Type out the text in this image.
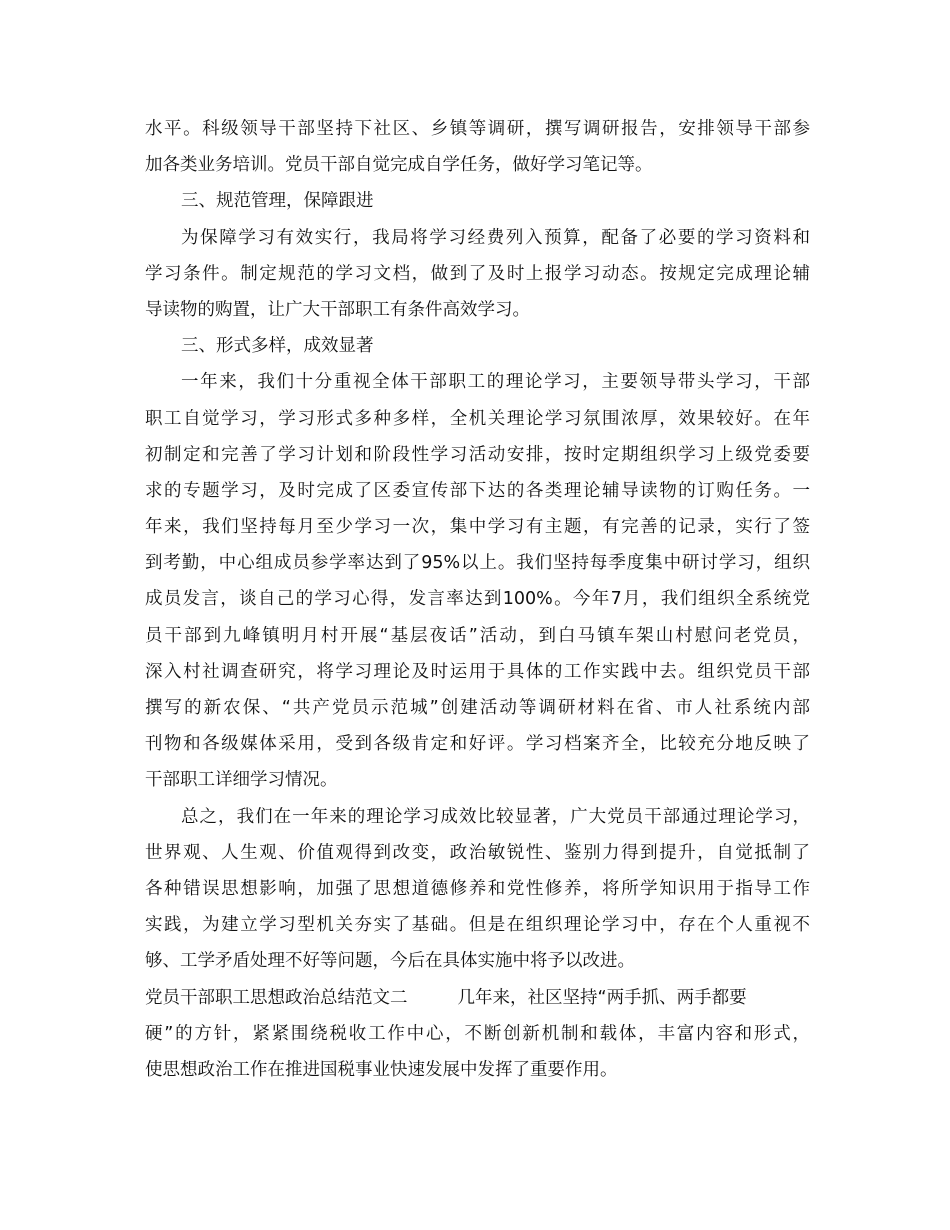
水平。科级领导干部坚持下社区、乡镇等调研，撰写调研报告，安排领导干部参
加各类业务培训。党员干部自觉完成自学任务，做好学习笔记等。
三、规范管理，保障跟进
为保障学习有效实行，我局将学习经费列入预算，配备了必要的学习资料和
学习条件。制定规范的学习文档，做到了及时上报学习动态。按规定完成理论辅
导读物的购置，让广大干部职工有条件高效学习。
三、形式多样，成效显著
一年来，我们十分重视全体干部职工的理论学习，主要领导带头学习，干部
职工自觉学习，学习形式多种多样，全机关理论学习氛围浓厚，效果较好。在年
初制定和完善了学习计划和阶段性学习活动安排，按时定期组织学习上级党委要
求的专题学习，及时完成了区委宣传部下达的各类理论辅导读物的订购任务。一
年来，我们坚持每月至少学习一次，集中学习有主题，有完善的记录，实行了签
到考勤，中心组成员参学率达到了95%以上。我们坚持每季度集中研讨学习，组织
成员发言，谈自己的学习心得，发言率达到100%。今年7月，我们组织全系统党
员干部到九峰镇明月村开展“基层夜话”活动，到白马镇车架山村慰问老党员，
深入村社调查研究，将学习理论及时运用于具体的工作实践中去。组织党员干部
撰写的新农保、“共产党员示范城”创建活动等调研材料在省、市人社系统内部
刊物和各级媒体采用，受到各级肯定和好评。学习档案齐全，比较充分地反映了
干部职工详细学习情况。
总之，我们在一年来的理论学习成效比较显著，广大党员干部通过理论学习，
世界观、人生观、价值观得到改变，政治敏锐性、鉴别力得到提升，自觉抵制了
各种错误思想影响，加强了思想道德修养和党性修养，将所学知识用于指导工作
实践，为建立学习型机关夯实了基础。但是在组织理论学习中，存在个人重视不
够、工学矛盾处理不好等问题，今后在具体实施中将予以改进。
党员干部职工思想政治总结范文二	几年来，社区坚持“两手抓、两手都要
硬”的方针，紧紧围绕税收工作中心，不断创新机制和载体，丰富内容和形式，
使思想政治工作在推进国税事业快速发展中发挥了重要作用。
